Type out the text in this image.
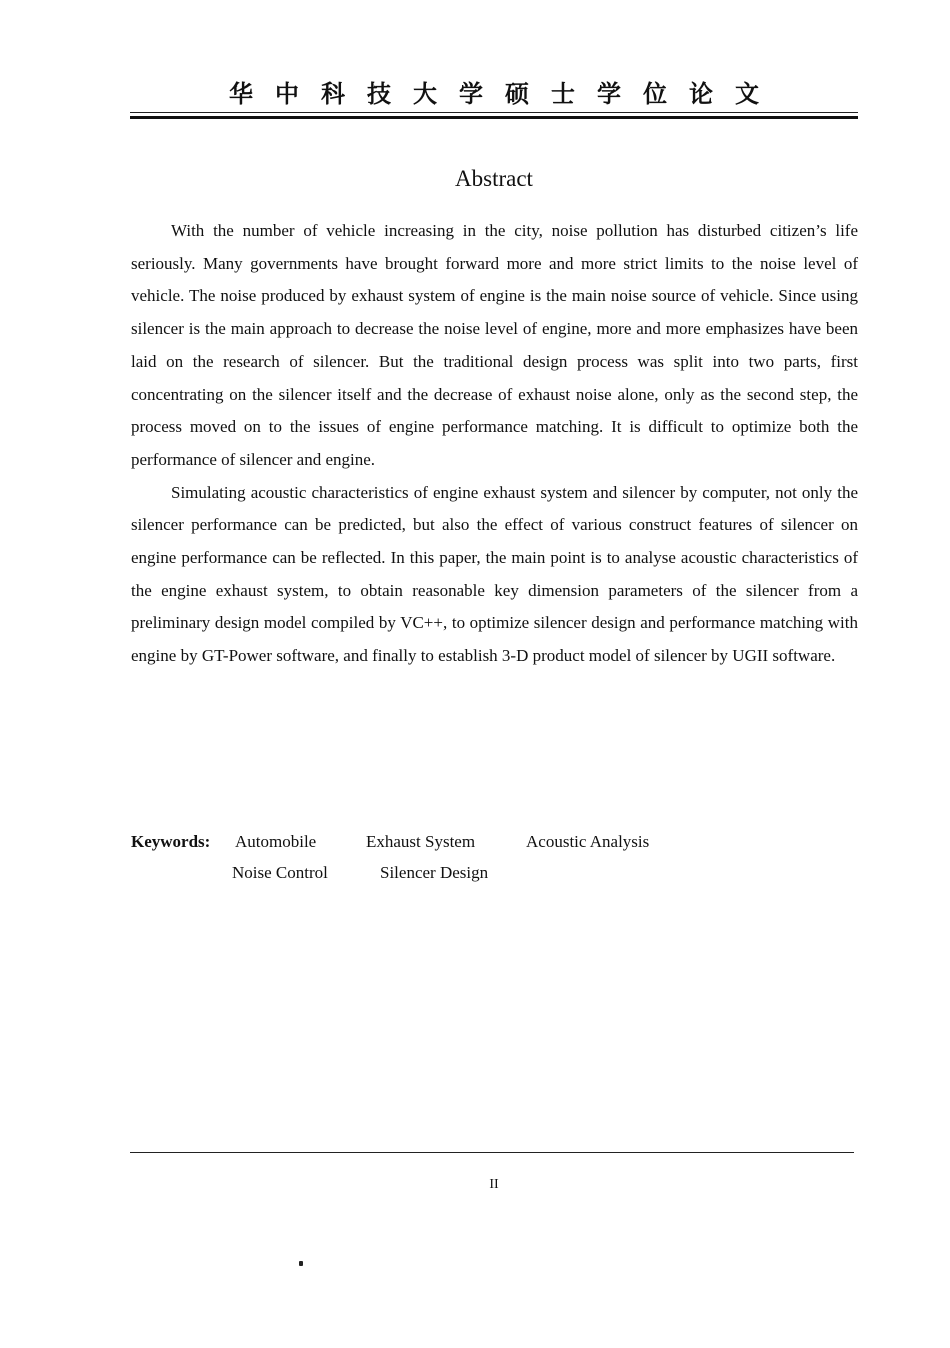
华中科技大学硕士学位论文
Abstract

With the number of vehicle increasing in the city, noise pollution has disturbed citizen’s life seriously. Many governments have brought forward more and more strict limits to the noise level of vehicle. The noise produced by exhaust system of engine is the main noise source of vehicle. Since using silencer is the main approach to decrease the noise level of engine, more and more emphasizes have been laid on the research of silencer. But the traditional design process was split into two parts, first concentrating on the silencer itself and the decrease of exhaust noise alone, only as the second step, the process moved on to the issues of engine performance matching. It is difficult to optimize both the performance of silencer and engine.

Simulating acoustic characteristics of engine exhaust system and silencer by computer, not only the silencer performance can be predicted, but also the effect of various construct features of silencer on engine performance can be reflected. In this paper, the main point is to analyse acoustic characteristics of the engine exhaust system, to obtain reasonable key dimension parameters of the silencer from a preliminary design model compiled by VC++, to optimize silencer design and performance matching with engine by GT-Power software, and finally to establish 3-D product model of silencer by UGII software.

Keywords: Automobile	Exhaust System	Acoustic Analysis
Noise Control	Silencer Design
II
